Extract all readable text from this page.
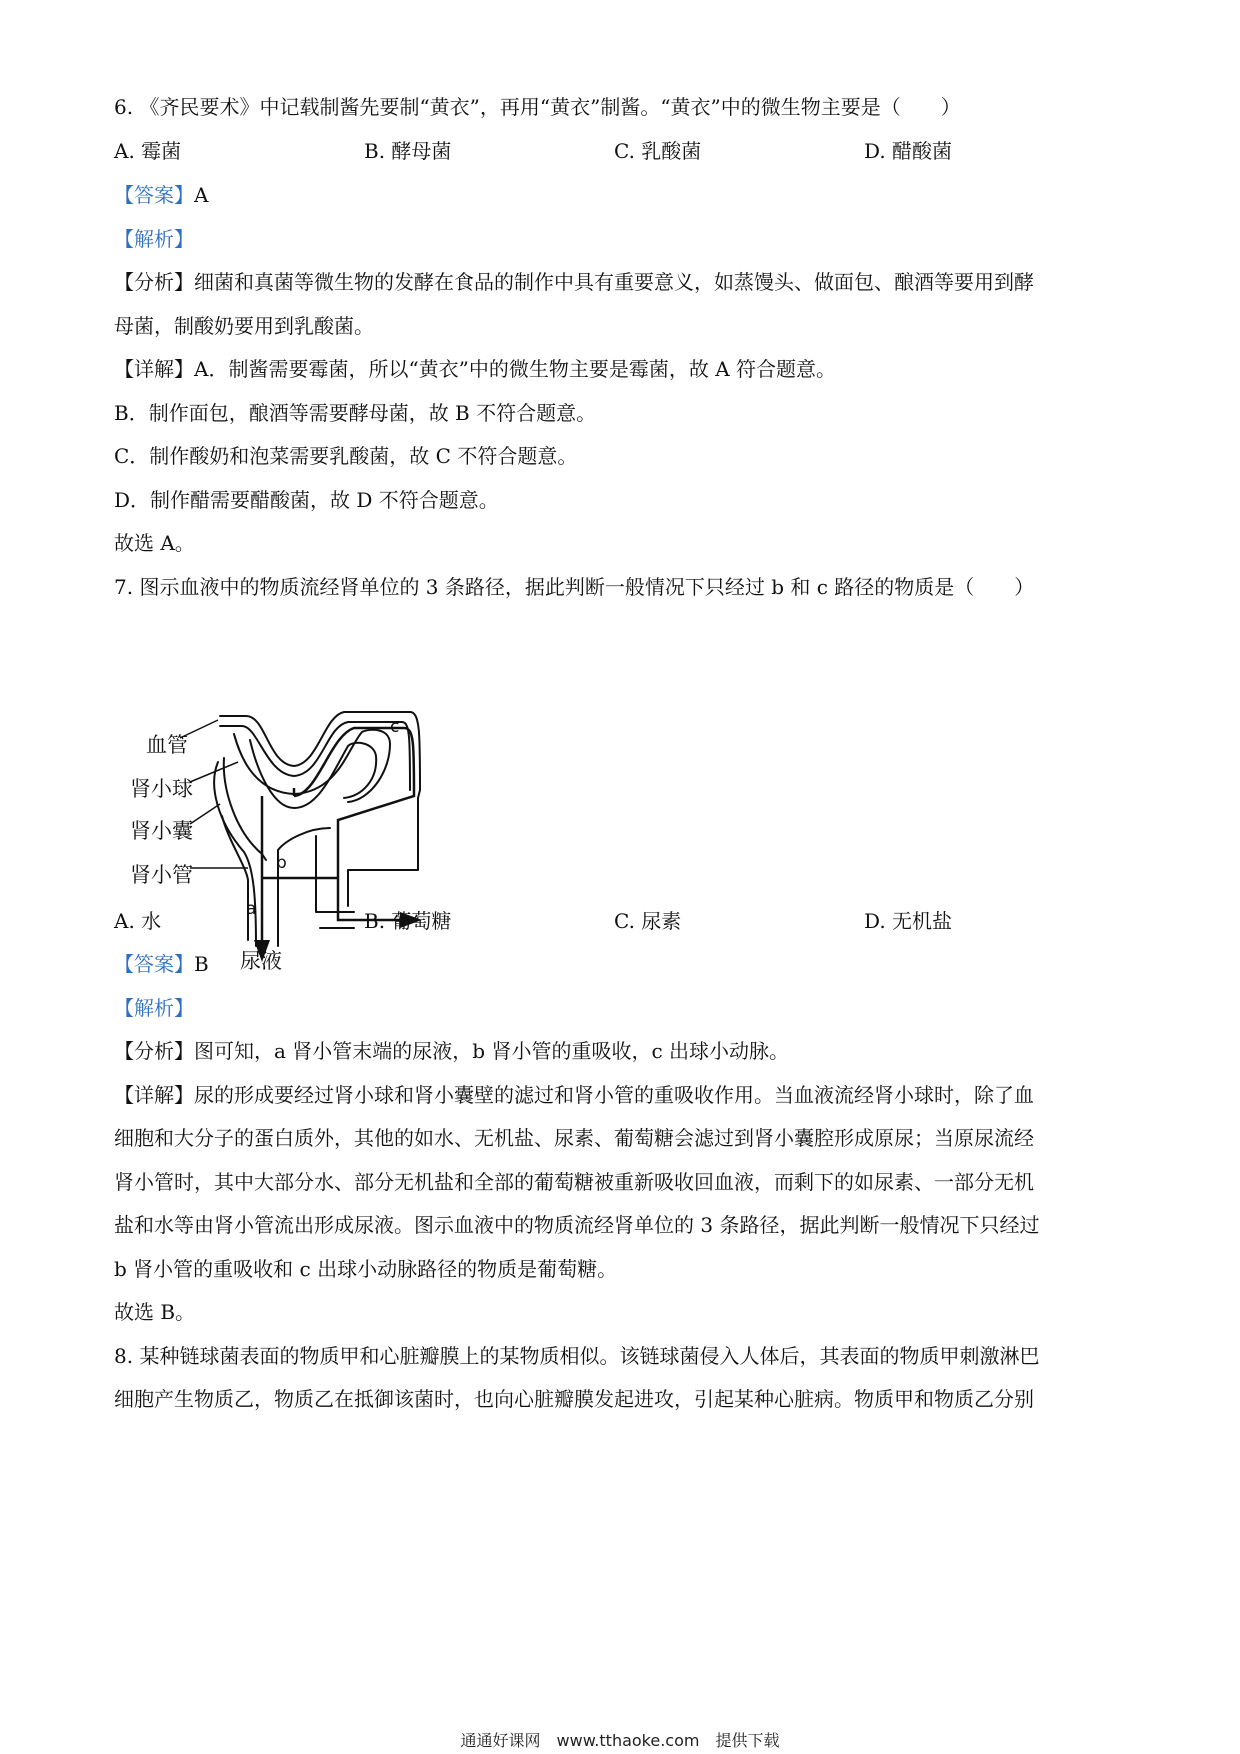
6. 《齐民要术》中记载制酱先要制“黄衣”，再用“黄衣”制酱。“黄衣”中的微生物主要是（　　）
A. 霉菌	B. 酵母菌	C. 乳酸菌	D. 醋酸菌
【答案】A
【解析】
【分析】细菌和真菌等微生物的发酵在食品的制作中具有重要意义，如蒸馒头、做面包、酿酒等要用到酵
母菌，制酸奶要用到乳酸菌。
【详解】A．制酱需要霉菌，所以“黄衣”中的微生物主要是霉菌，故 A 符合题意。
B．制作面包，酿酒等需要酵母菌，故 B 不符合题意。
C．制作酸奶和泡菜需要乳酸菌，故 C 不符合题意。
D．制作醋需要醋酸菌，故 D 不符合题意。
故选 A。
7. 图示血液中的物质流经肾单位的 3 条路径，据此判断一般情况下只经过 b 和 c 路径的物质是（　　）
血管
肾小球
肾小囊
肾小管
尿液
a
b
c
A. 水	B. 葡萄糖	C. 尿素	D. 无机盐
【答案】B
【解析】
【分析】图可知，a 肾小管末端的尿液，b 肾小管的重吸收，c 出球小动脉。
【详解】尿的形成要经过肾小球和肾小囊壁的滤过和肾小管的重吸收作用。当血液流经肾小球时，除了血
细胞和大分子的蛋白质外，其他的如水、无机盐、尿素、葡萄糖会滤过到肾小囊腔形成原尿；当原尿流经
肾小管时，其中大部分水、部分无机盐和全部的葡萄糖被重新吸收回血液，而剩下的如尿素、一部分无机
盐和水等由肾小管流出形成尿液。图示血液中的物质流经肾单位的 3 条路径，据此判断一般情况下只经过
b 肾小管的重吸收和 c 出球小动脉路径的物质是葡萄糖。
故选 B。
8. 某种链球菌表面的物质甲和心脏瓣膜上的某物质相似。该链球菌侵入人体后，其表面的物质甲刺激淋巴
细胞产生物质乙，物质乙在抵御该菌时，也向心脏瓣膜发起进攻，引起某种心脏病。物质甲和物质乙分别
通通好课网　www.tthaoke.com　提供下载
